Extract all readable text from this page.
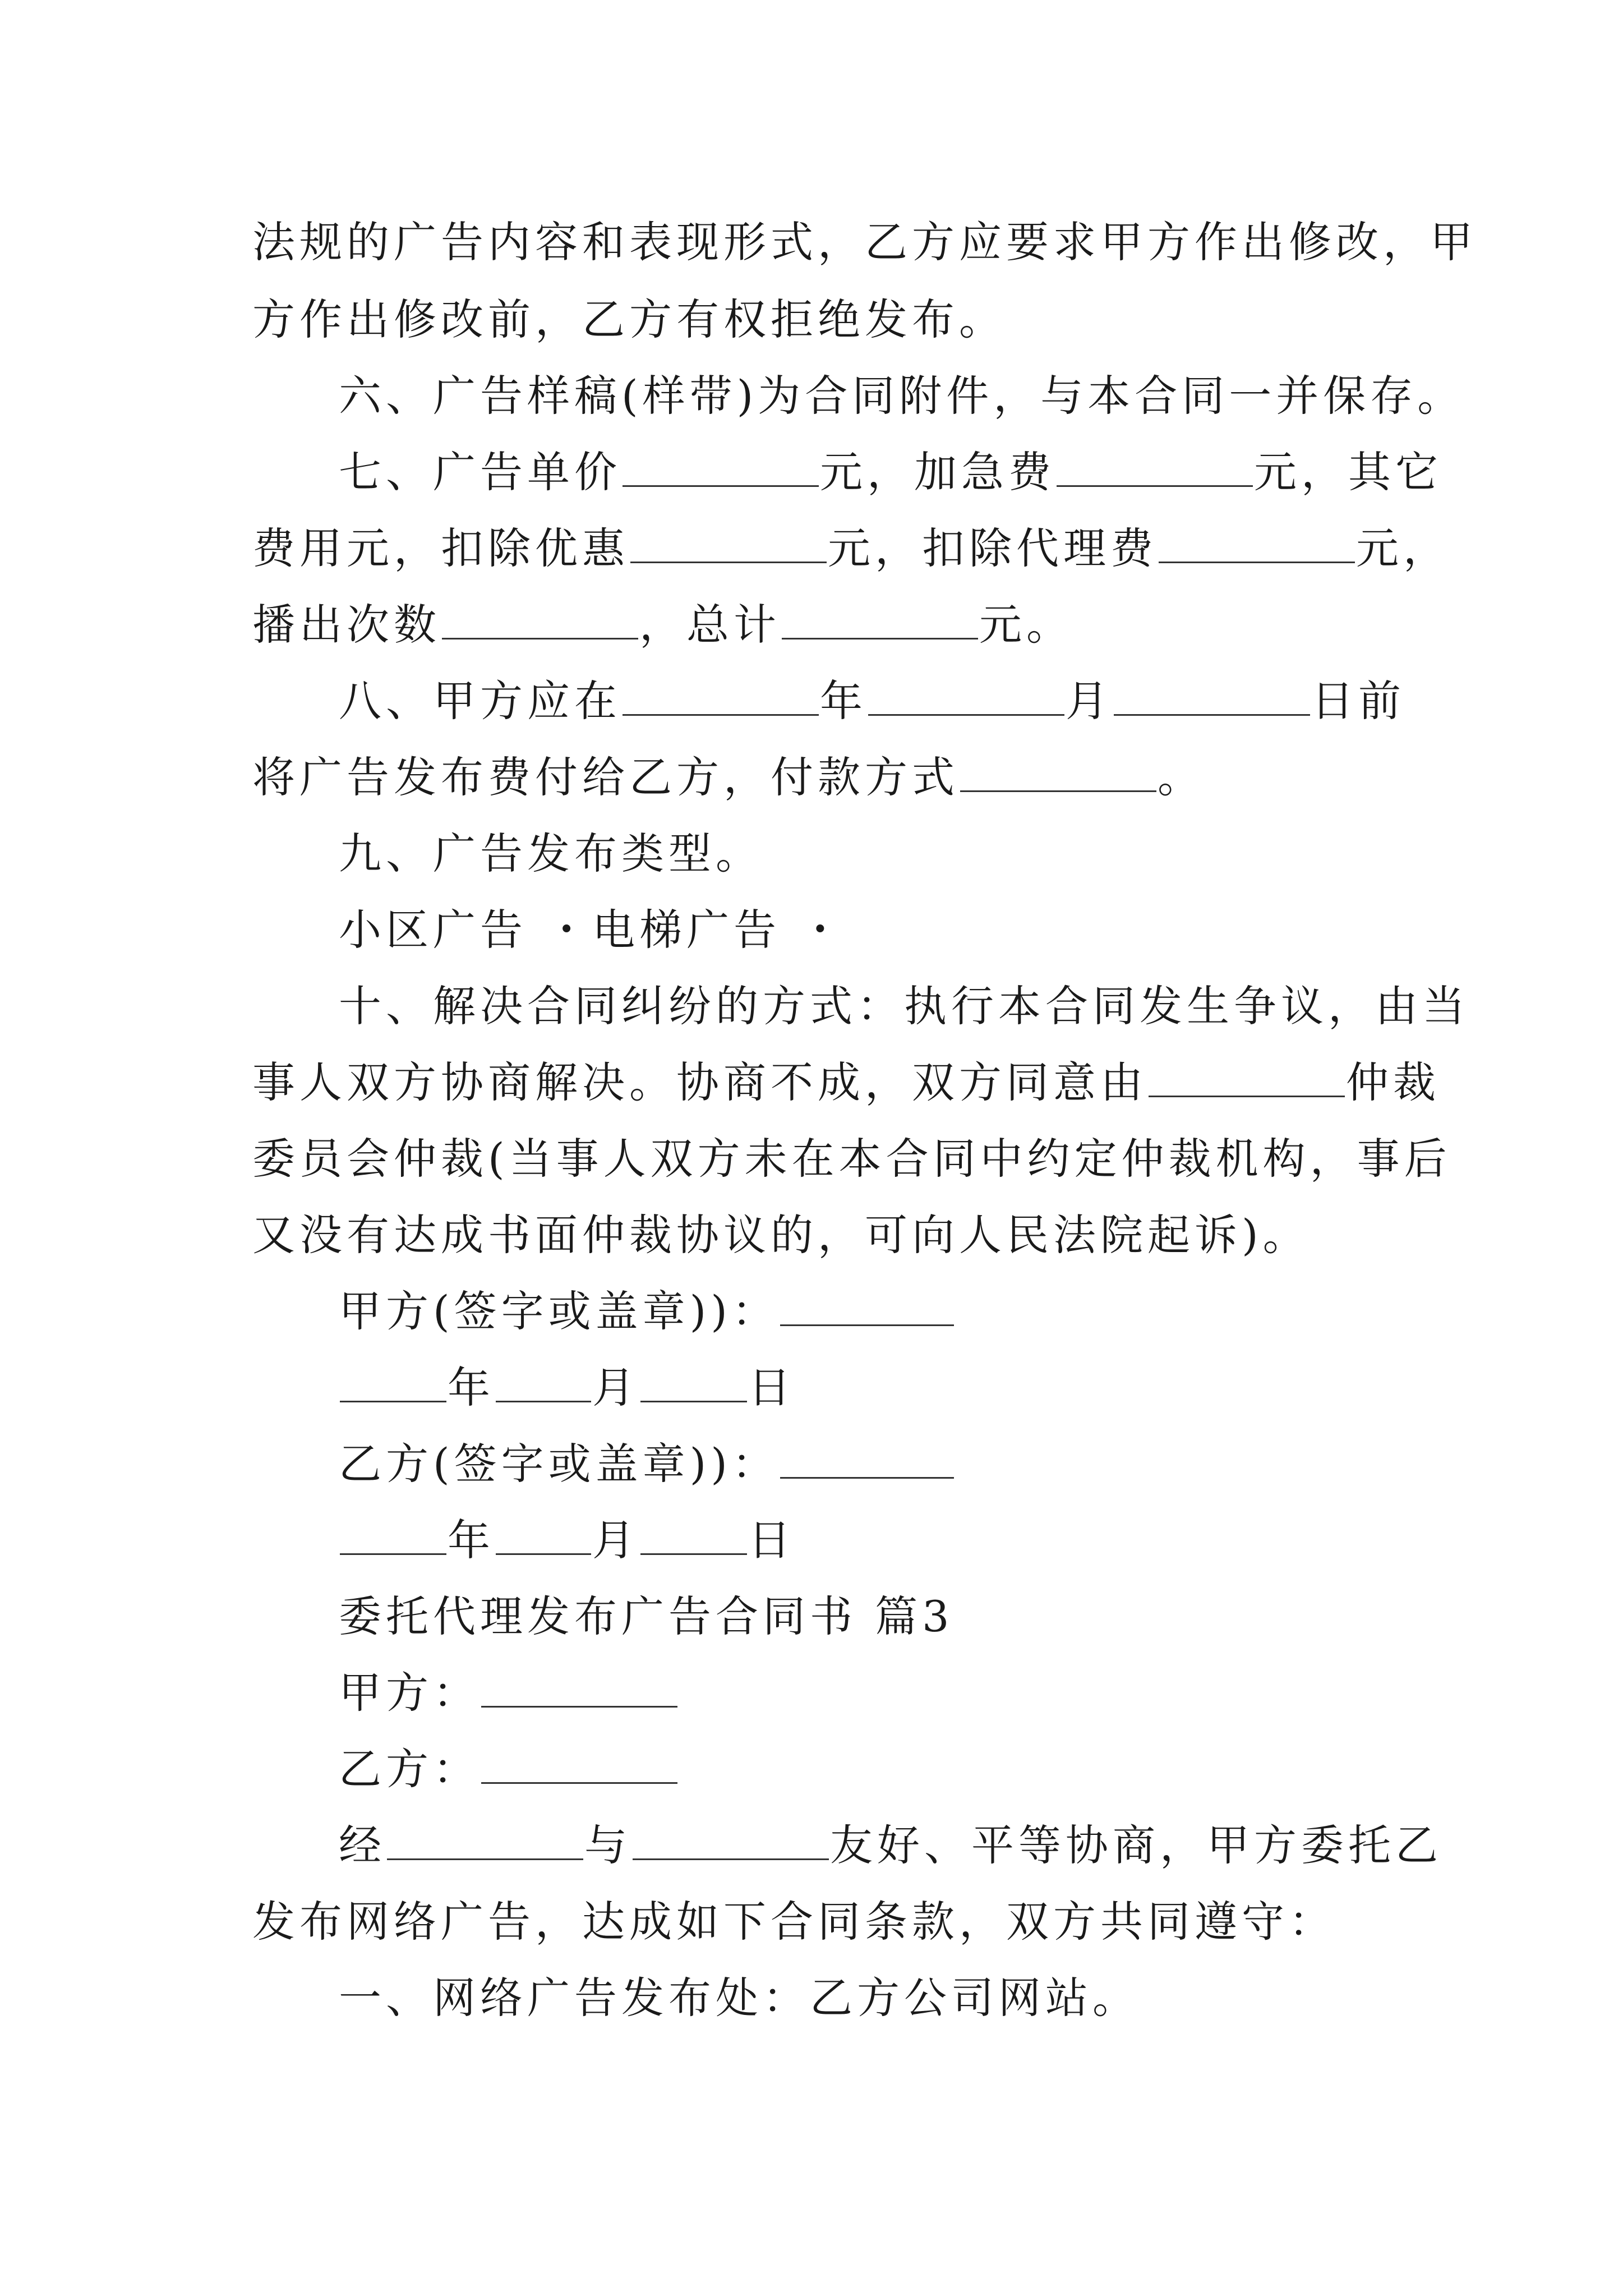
法规的广告内容和表现形式，乙方应要求甲方作出修改，甲
方作出修改前，乙方有权拒绝发布。
六、广告样稿(样带)为合同附件，与本合同一并保存。
七、广告单价	元，加急费	元，其它
费用元，扣除优惠	元，扣除代理费	元，
播出次数	，总计	元。
八、甲方应在	年	月	日前
将广告发布费付给乙方，付款方式	。
九、广告发布类型。
小区广告 ・电梯广告 ・
十、解决合同纠纷的方式：执行本合同发生争议，由当
事人双方协商解决。协商不成，双方同意由	仲裁
委员会仲裁(当事人双方未在本合同中约定仲裁机构，事后
又没有达成书面仲裁协议的，可向人民法院起诉)。
甲方(签字或盖章))：
年 月	日
乙方(签字或盖章))：
年 月	日
委托代理发布广告合同书 篇3
甲方：
乙方：
经	与	友好、平等协商，甲方委托乙
发布网络广告，达成如下合同条款，双方共同遵守：
一、网络广告发布处：乙方公司网站。
